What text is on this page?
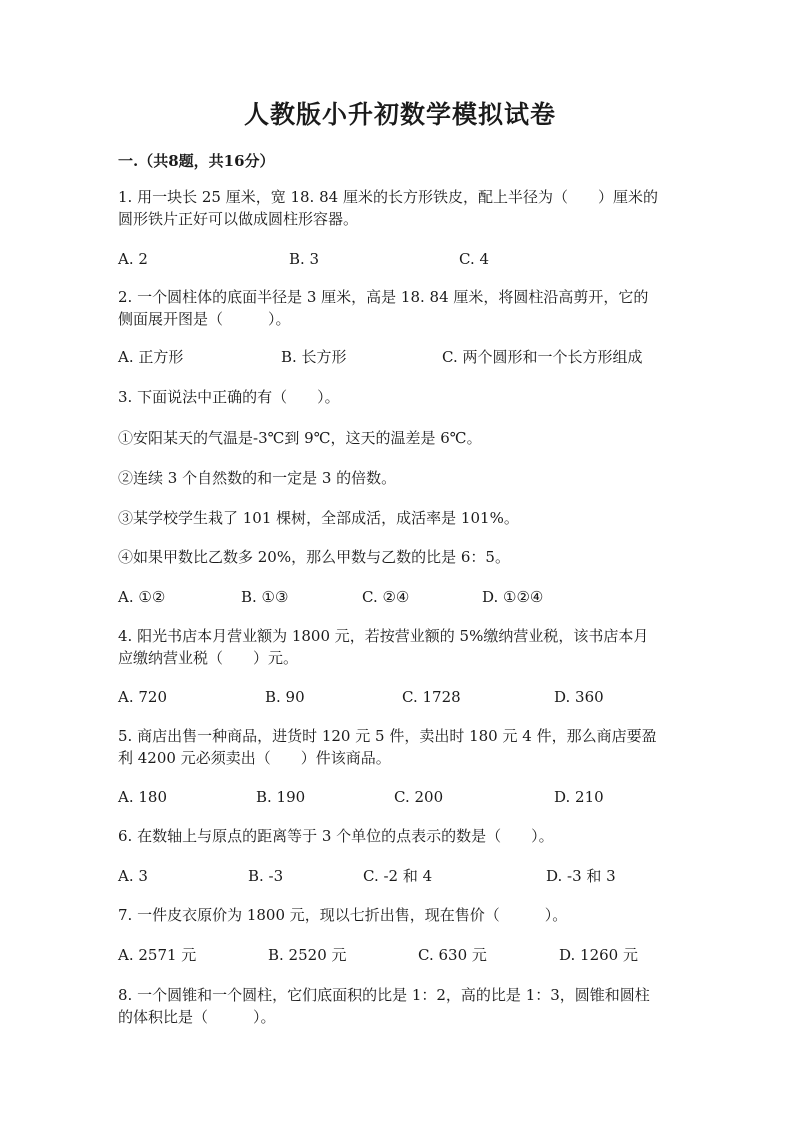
人教版小升初数学模拟试卷
一.（共8题，共16分）
1. 用一块长 25 厘米，宽 18. 84 厘米的长方形铁皮，配上半径为（　　）厘米的
圆形铁片正好可以做成圆柱形容器。
A. 2	B. 3	C. 4
2. 一个圆柱体的底面半径是 3 厘米，高是 18. 84 厘米，将圆柱沿高剪开，它的
侧面展开图是（　　　）。
A. 正方形	B. 长方形	C. 两个圆形和一个长方形组成
3. 下面说法中正确的有（　　）。
①安阳某天的气温是-3℃到 9℃，这天的温差是 6℃。
②连续 3 个自然数的和一定是 3 的倍数。
③某学校学生栽了 101 棵树，全部成活，成活率是 101%。
④如果甲数比乙数多 20%，那么甲数与乙数的比是 6：5。
A. ①②	B. ①③	C. ②④	D. ①②④
4. 阳光书店本月营业额为 1800 元，若按营业额的 5%缴纳营业税，该书店本月
应缴纳营业税（　　）元。
A. 720	B. 90	C. 1728	D. 360
5. 商店出售一种商品，进货时 120 元 5 件，卖出时 180 元 4 件，那么商店要盈
利 4200 元必须卖出（　　）件该商品。
A. 180	B. 190	C. 200	D. 210
6. 在数轴上与原点的距离等于 3 个单位的点表示的数是（　　）。
A. 3	B. -3	C. -2 和 4	D. -3 和 3
7. 一件皮衣原价为 1800 元，现以七折出售，现在售价（　　　）。
A. 2571 元	B. 2520 元	C. 630 元	D. 1260 元
8. 一个圆锥和一个圆柱，它们底面积的比是 1：2，高的比是 1：3，圆锥和圆柱
的体积比是（　　　）。
